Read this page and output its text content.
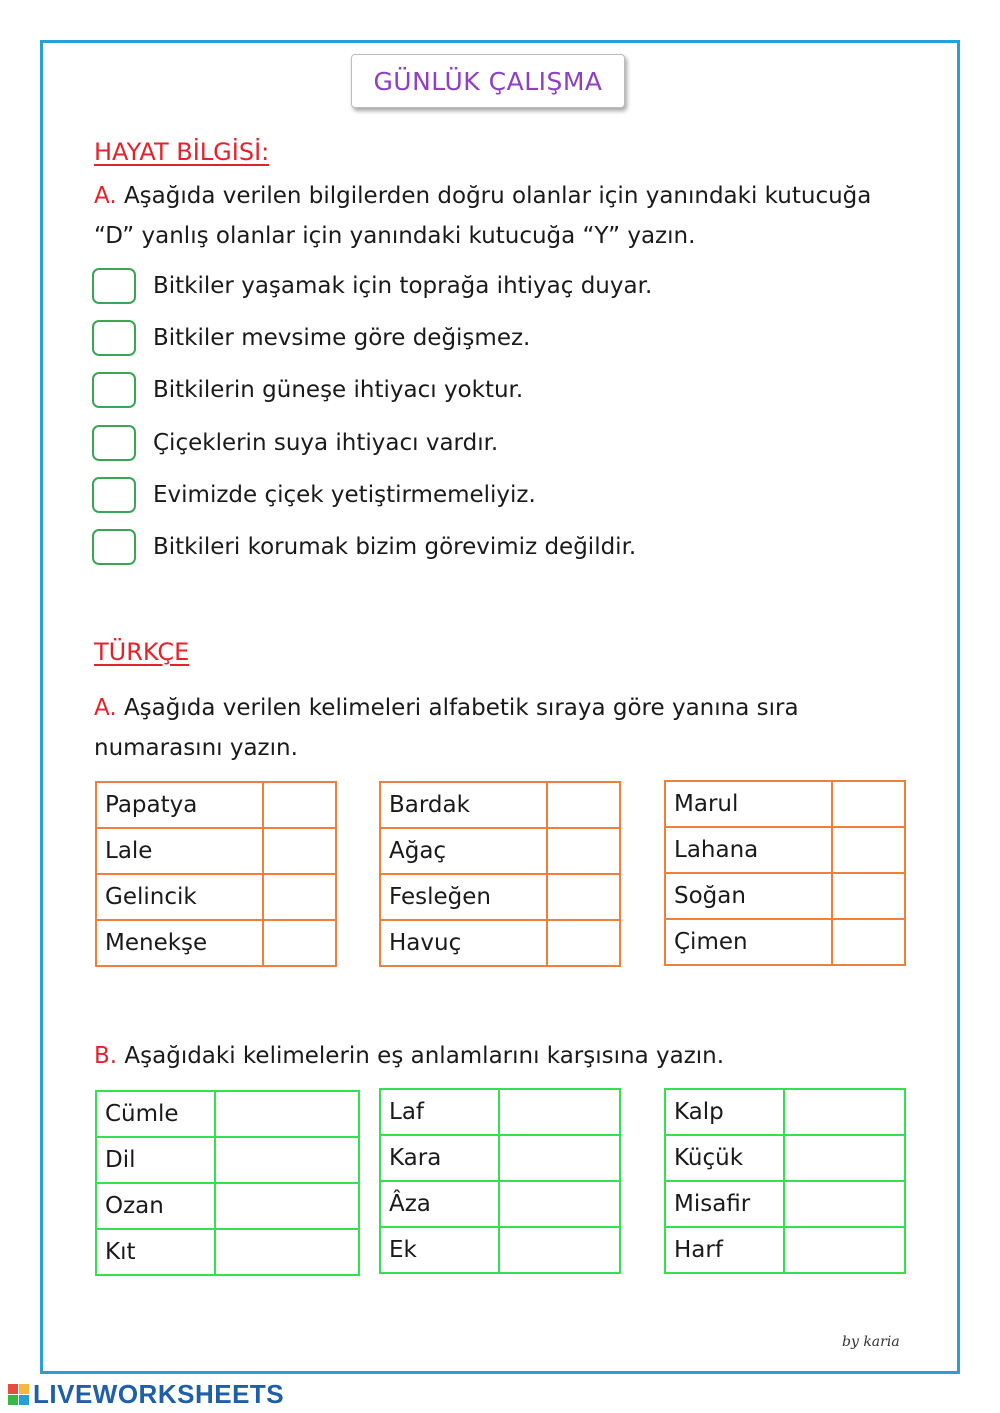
GÜNLÜK ÇALIŞMA
HAYAT BİLGİSİ:
A. Aşağıda verilen bilgilerden doğru olanlar için yanındaki kutucuğa “D” yanlış olanlar için yanındaki kutucuğa “Y” yazın.
Bitkiler yaşamak için toprağa ihtiyaç duyar.
Bitkiler mevsime göre değişmez.
Bitkilerin güneşe ihtiyacı yoktur.
Çiçeklerin suya ihtiyacı vardır.
Evimizde çiçek yetiştirmemeliyiz.
Bitkileri korumak bizim görevimiz değildir.
TÜRKÇE
A. Aşağıda verilen kelimeleri alfabetik sıraya göre yanına sıra numarasını yazın.
Papatya	
Lale	
Gelincik	
Menekşe	
Bardak	
Ağaç	
Fesleğen	
Havuç	
Marul	
Lahana	
Soğan	
Çimen	
B. Aşağıdaki kelimelerin eş anlamlarını karşısına yazın.
Cümle	
Dil	
Ozan	
Kıt	
Laf	
Kara	
Âza	
Ek	
Kalp	
Küçük	
Misafir	
Harf	
by karia
LIVEWORKSHEETS
